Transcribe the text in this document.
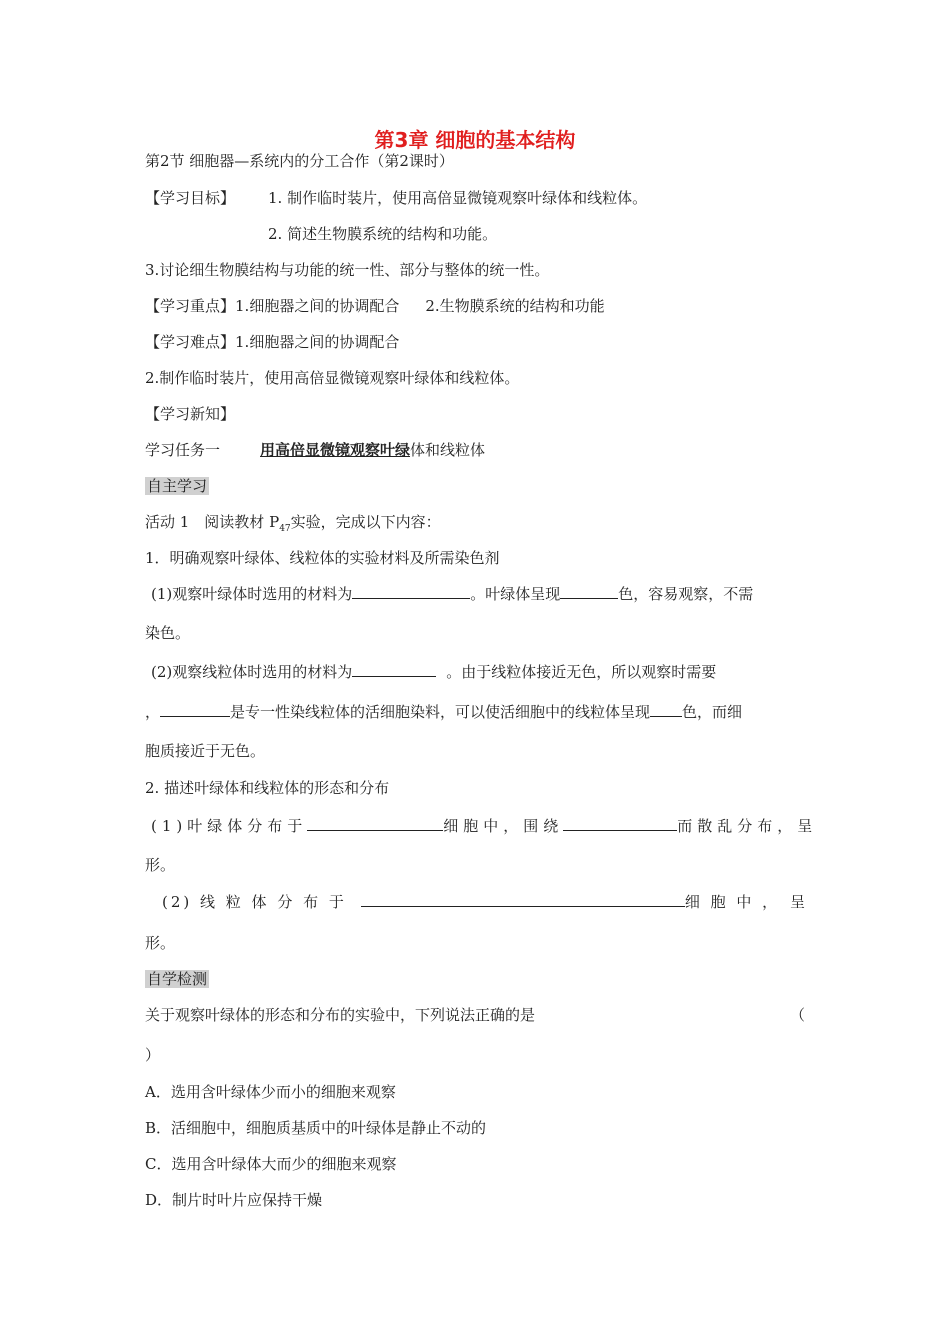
第3章 细胞的基本结构
第2节 细胞器—系统内的分工合作（第2课时）
【学习目标】 1. 制作临时装片，使用高倍显微镜观察叶绿体和线粒体。
2. 简述生物膜系统的结构和功能。
3.讨论细生物膜结构与功能的统一性、部分与整体的统一性。
【学习重点】1.细胞器之间的协调配合 2.生物膜系统的结构和功能
【学习难点】1.细胞器之间的协调配合
2.制作临时装片，使用高倍显微镜观察叶绿体和线粒体。
【学习新知】
学习任务一	用高倍显微镜观察叶绿体和线粒体
自主学习
活动 1　阅读教材 $P_{47}$实验，完成以下内容：
1．明确观察叶绿体、线粒体的实验材料及所需染色剂
(1)观察叶绿体时选用的材料为	。叶绿体呈现	色，容易观察，不需
染色。
(2)观察线粒体时选用的材料为	。由于线粒体接近无色，所以观察时需要
，	是专一性染线粒体的活细胞染料，可以使活细胞中的线粒体呈现 色，而细
胞质接近于无色。
2. 描述叶绿体和线粒体的形态和分布
(1)叶绿体分布于	细胞中，围绕	而散乱分布，呈
形。
(2) 线 粒 体 分 布 于	细 胞 中 ， 呈
形。
自学检测
关于观察叶绿体的形态和分布的实验中，下列说法正确的是	（
）
A．选用含叶绿体少而小的细胞来观察
B．活细胞中，细胞质基质中的叶绿体是静止不动的
C．选用含叶绿体大而少的细胞来观察
D．制片时叶片应保持干燥
